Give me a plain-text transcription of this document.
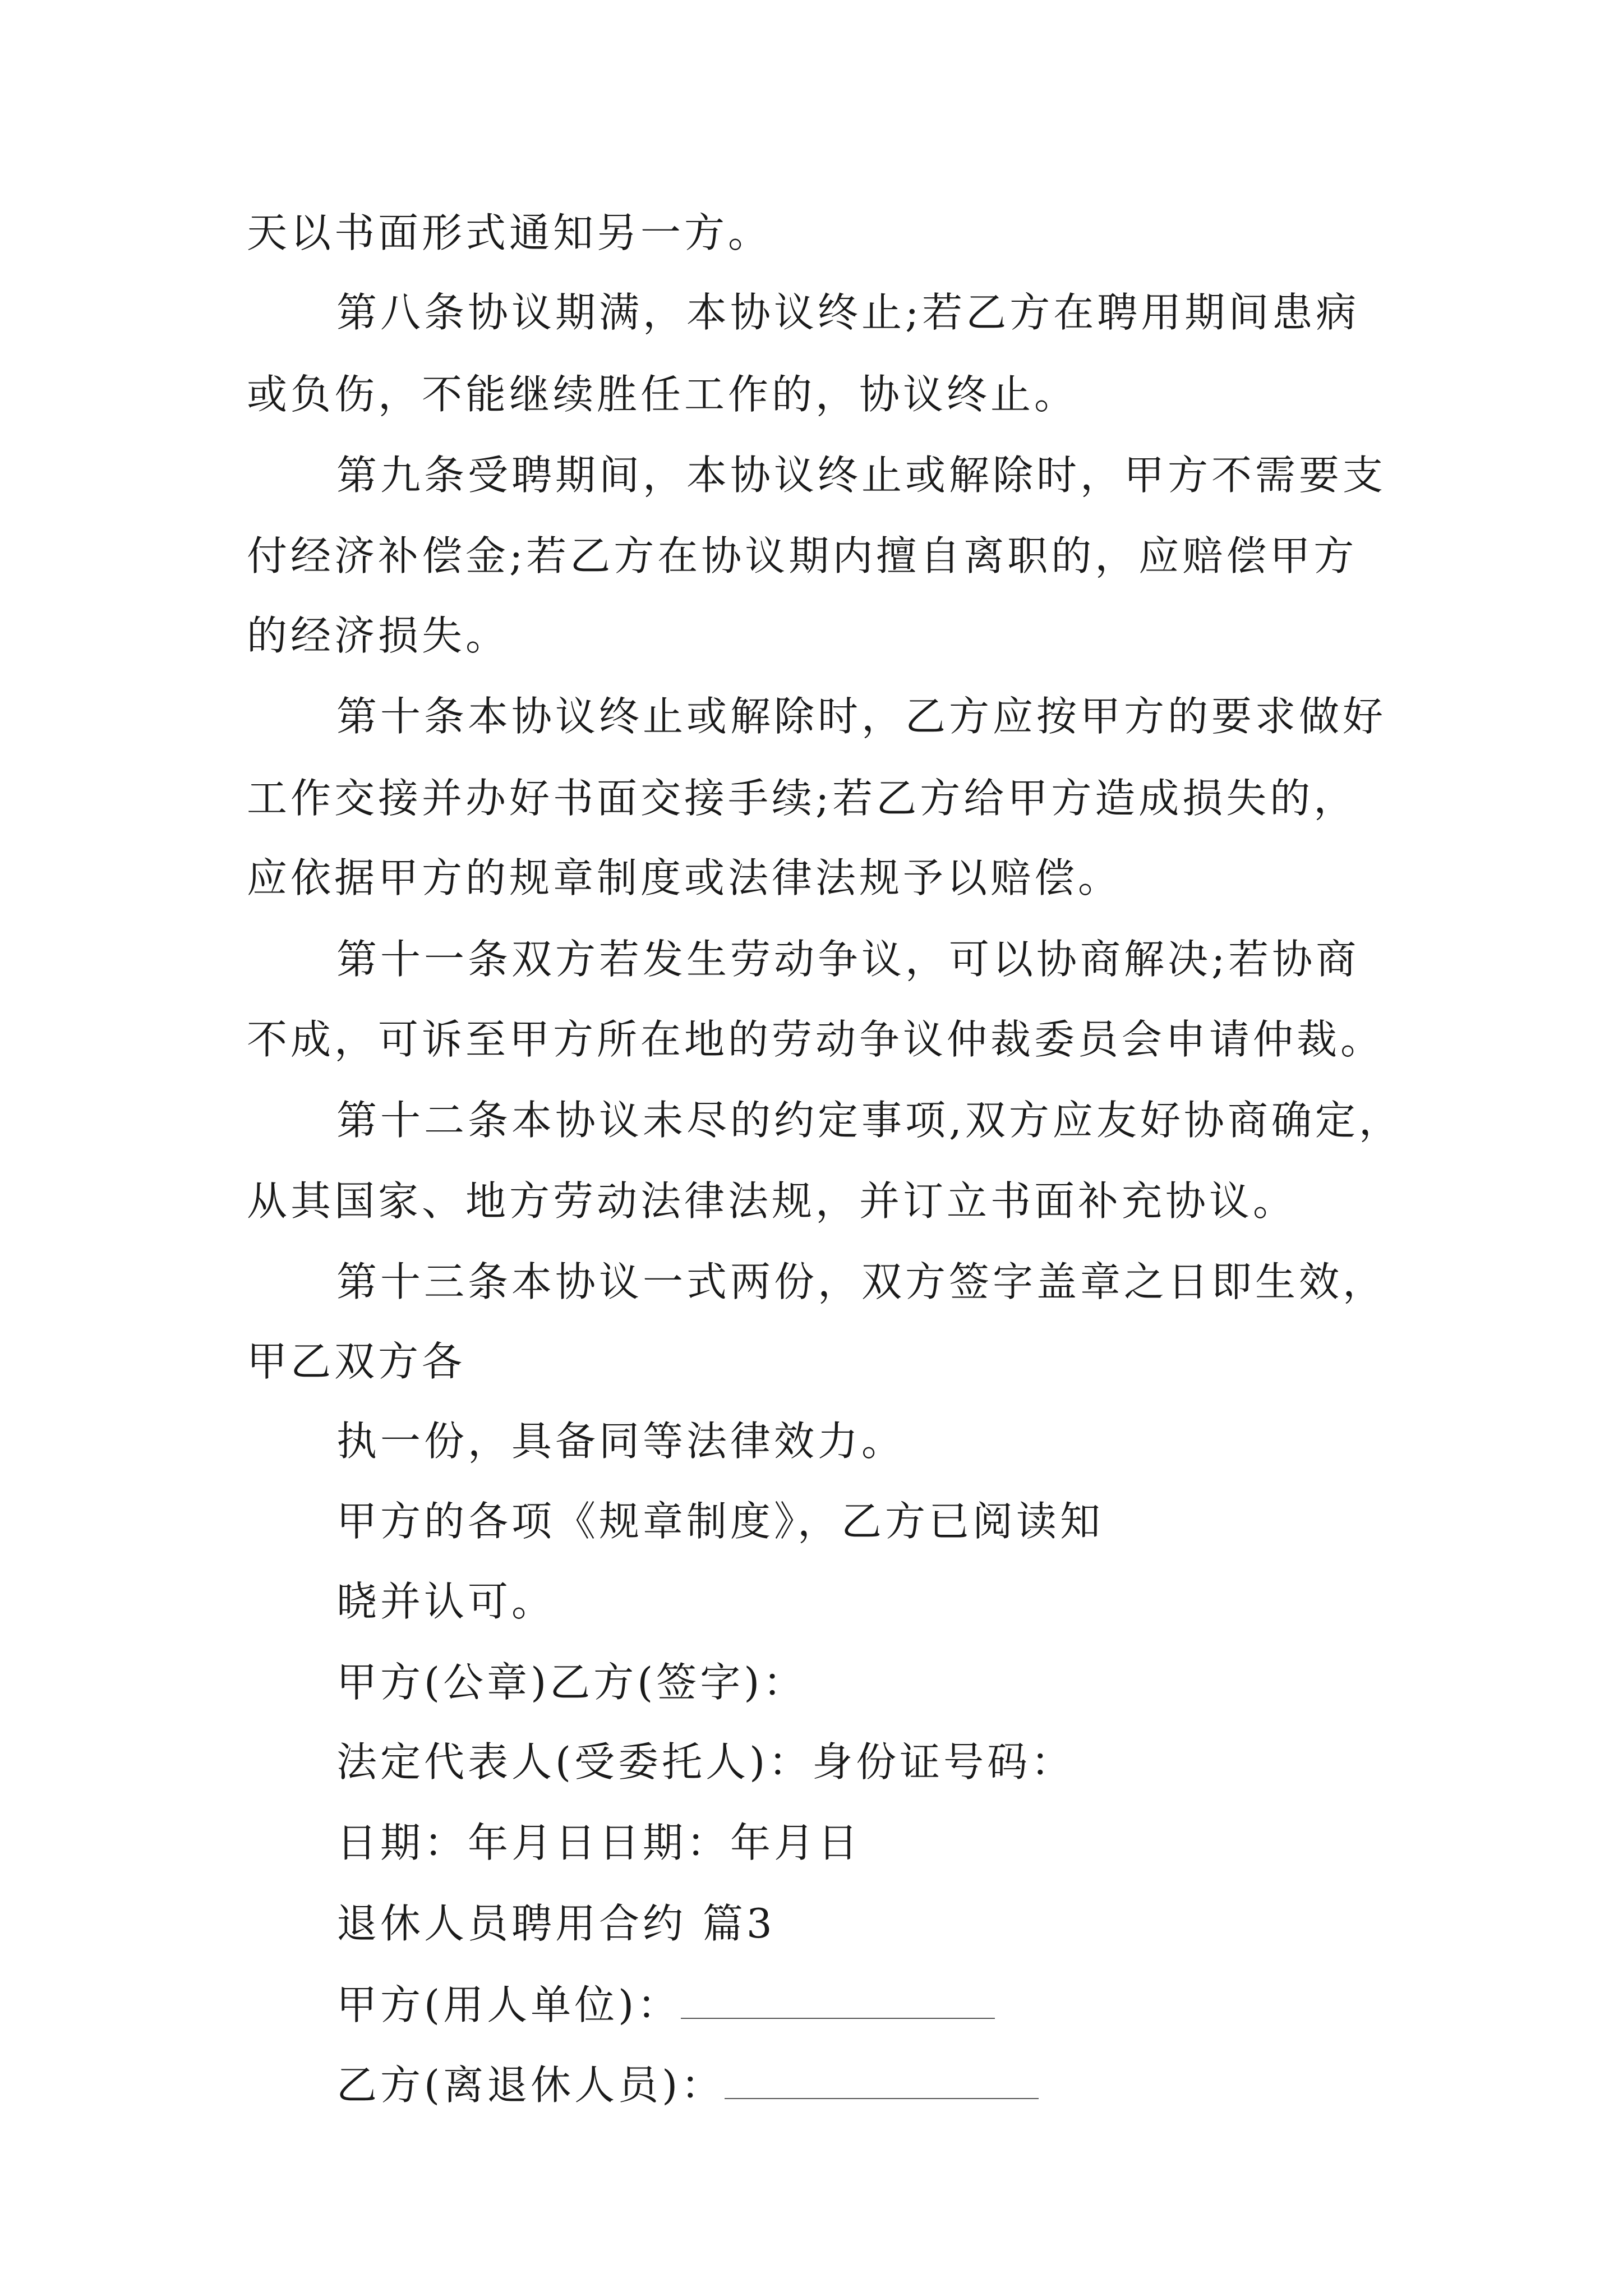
天以书面形式通知另一方。
第八条协议期满，本协议终止;若乙方在聘用期间患病
或负伤，不能继续胜任工作的，协议终止。
第九条受聘期间，本协议终止或解除时，甲方不需要支
付经济补偿金;若乙方在协议期内擅自离职的，应赔偿甲方
的经济损失。
第十条本协议终止或解除时，乙方应按甲方的要求做好
工作交接并办好书面交接手续;若乙方给甲方造成损失的，
应依据甲方的规章制度或法律法规予以赔偿。
第十一条双方若发生劳动争议，可以协商解决;若协商
不成，可诉至甲方所在地的劳动争议仲裁委员会申请仲裁。
第十二条本协议未尽的约定事项,双方应友好协商确定，
从其国家、地方劳动法律法规，并订立书面补充协议。
第十三条本协议一式两份，双方签字盖章之日即生效，
甲乙双方各
执一份，具备同等法律效力。
甲方的各项《规章制度》，乙方已阅读知
晓并认可。
甲方(公章)乙方(签字)：
法定代表人(受委托人)：身份证号码：
日期：年月日日期：年月日
退休人员聘用合约 篇3
甲方(用人单位)：
乙方(离退休人员)：
